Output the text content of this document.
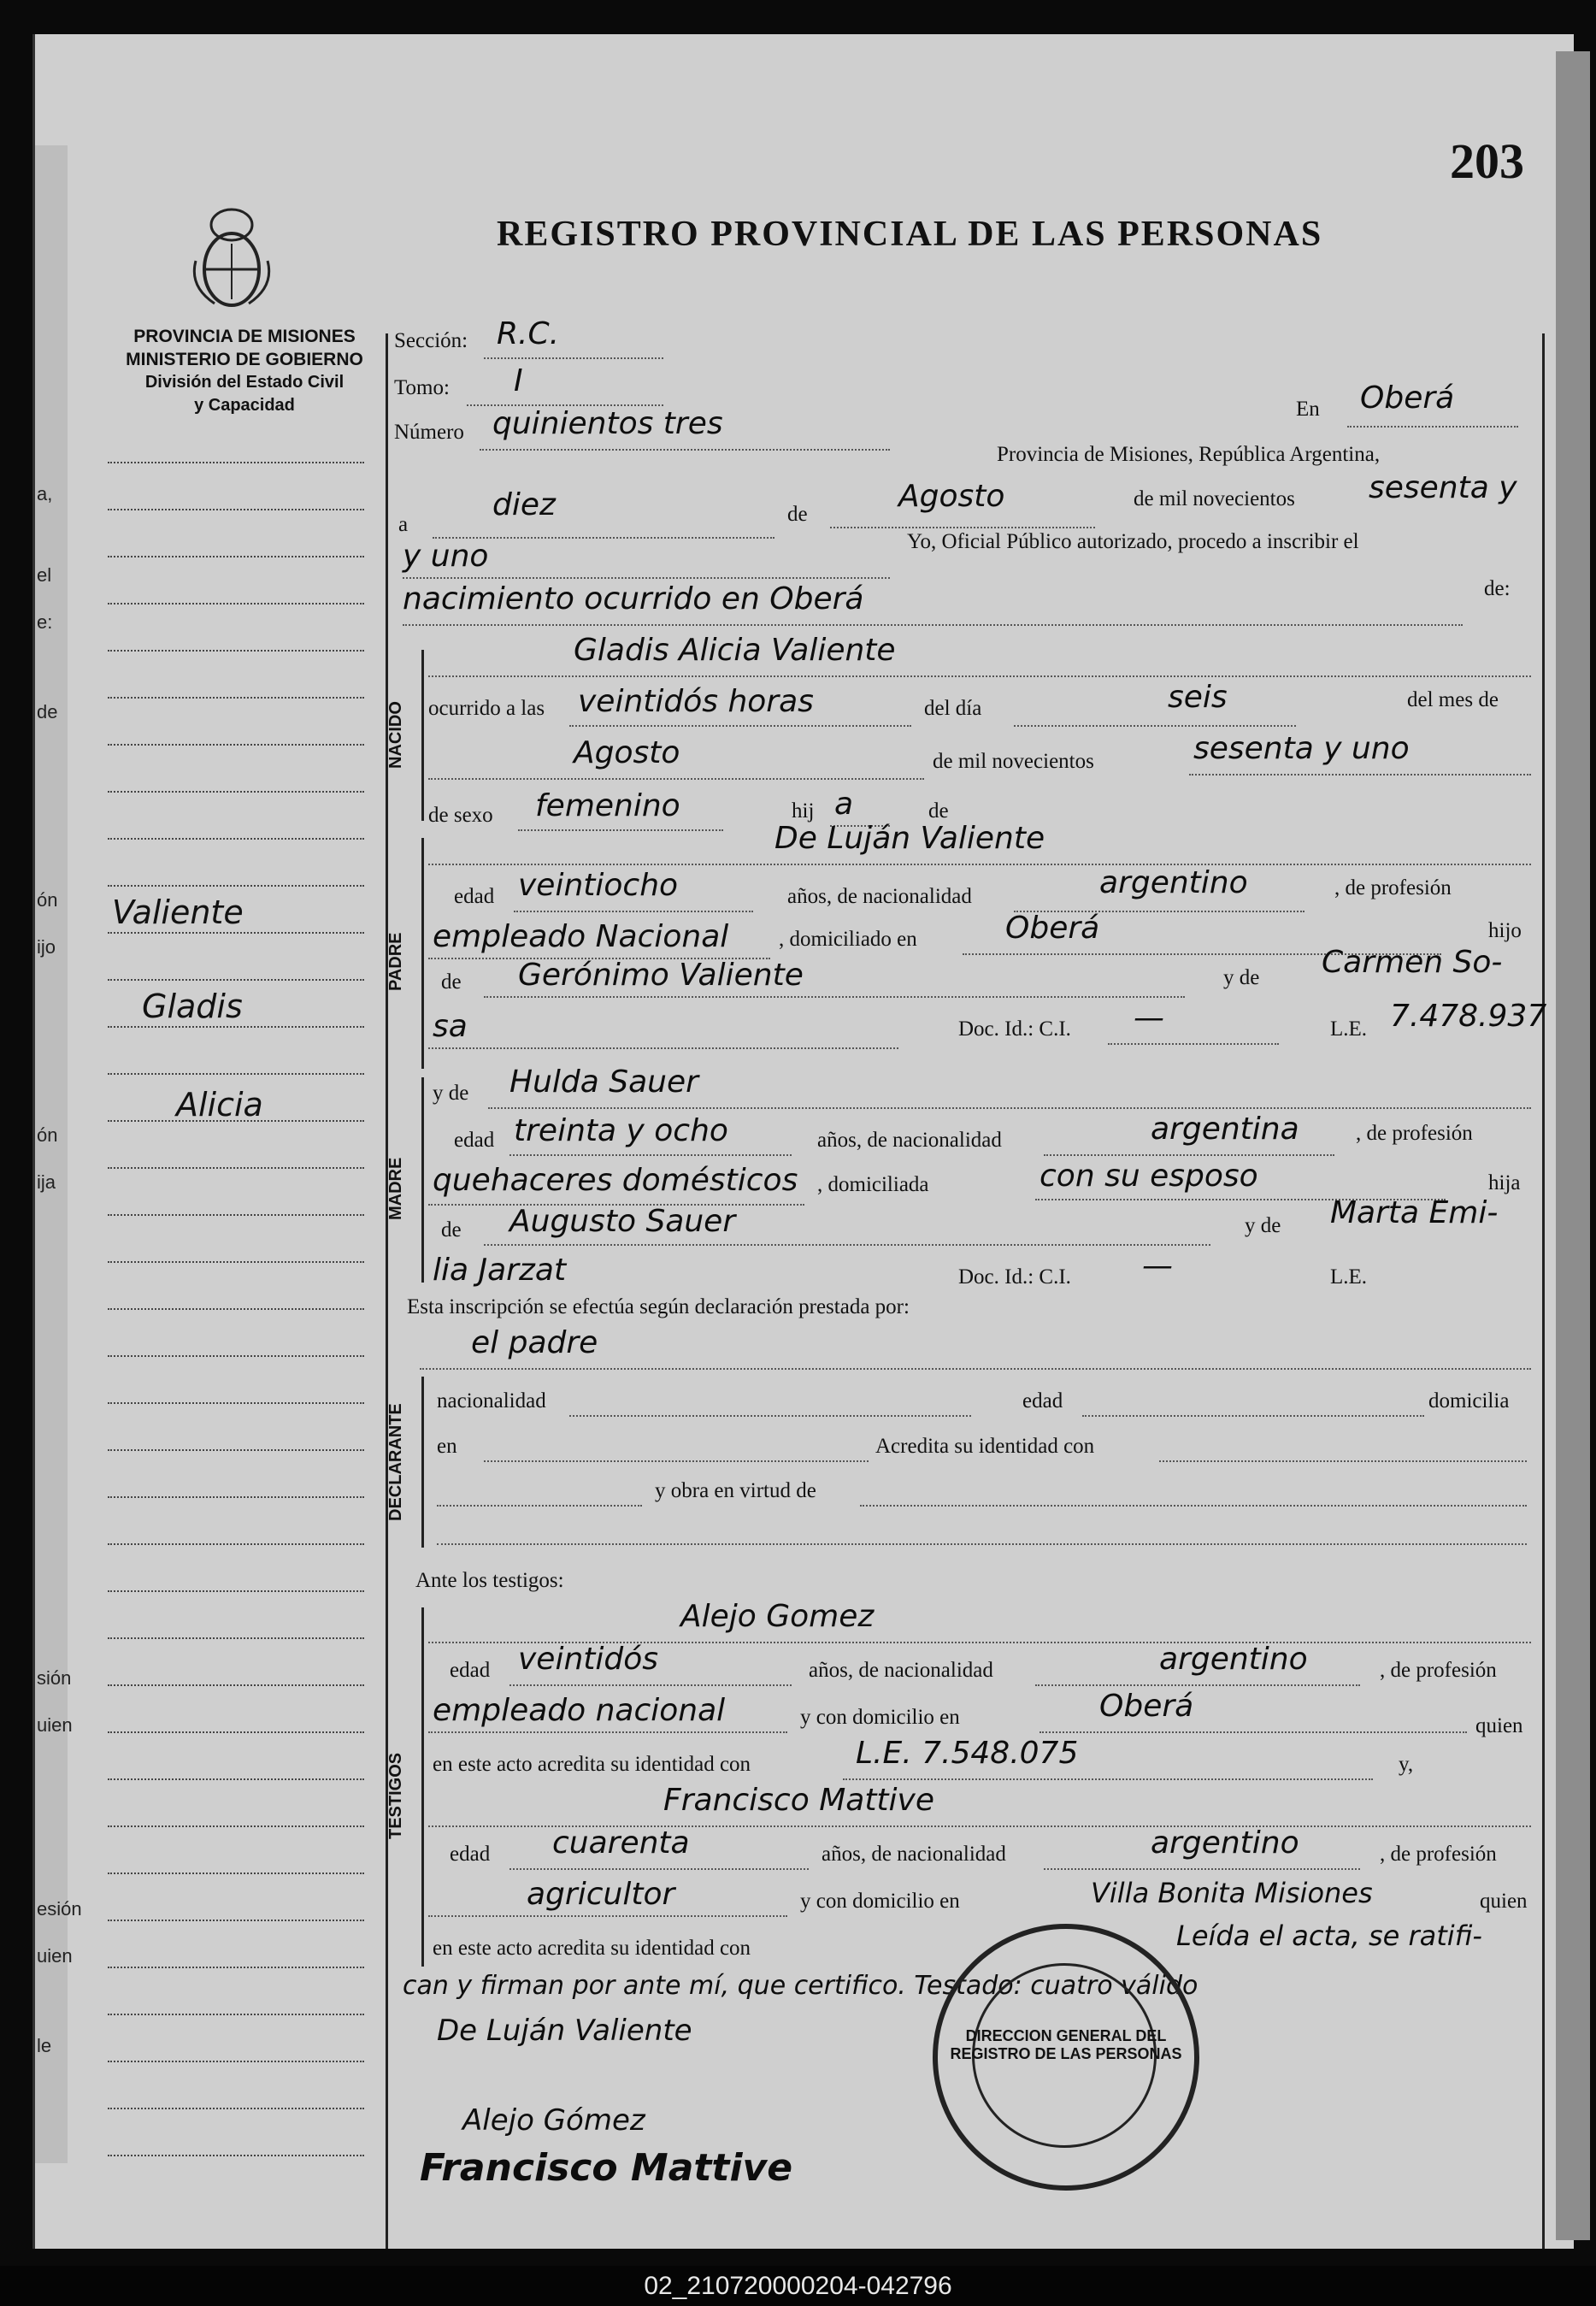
a,
el
e:
de
ón
ijo
ón
ija
sión
uien
esión
uien
le
203
REGISTRO PROVINCIAL DE LAS PERSONAS
PROVINCIA DE MISIONES
MINISTERIO DE GOBIERNO
División del Estado Civil
y Capacidad
Valiente
Gladis
Alicia
Sección: R.C.
Tomo: I
Número quinientos tres	En Oberá
Provincia de Misiones, República Argentina,
a
diez	de
Agosto	de mil novecientos sesenta y
y uno	Yo, Oficial Público autorizado, procedo a inscribir el
nacimiento ocurrido en Oberá	de:
NACIDO
Gladis Alicia Valiente
ocurrido a las veintidós horas	del día	seis	del mes de
Agosto	de mil novecientos	sesenta y uno
de sexo femenino	hij a	de
PADRE
De Luján Valiente
edad veintiocho	años, de nacionalidad	argentino	, de profesión
empleado Nacional , domiciliado en	Oberá	hijo
de Gerónimo Valiente	y de Carmen So-
sa	Doc. Id.: C.I. —	L.E. 7.478.937
MADRE
y de Hulda Sauer
edad treinta y ocho	años, de nacionalidad	argentina	, de profesión
quehaceres domésticos , domiciliada	con su esposo	hija
de Augusto Sauer	y de Marta Emi-
lia Jarzat	Doc. Id.: C.I. —	L.E.
Esta inscripción se efectúa según declaración prestada por:
el padre
DECLARANTE
nacionalidad	edad	domicilia
en	Acredita su identidad con
y obra en virtud de
Ante los testigos:
TESTIGOS
Alejo Gomez
edad veintidós	años, de nacionalidad	argentino	, de profesión
empleado nacional	y con domicilio en	Oberá
quien
en este acto acredita su identidad con	L.E. 7.548.075	y,
Francisco Mattive
edad cuarenta	años, de nacionalidad	argentino	, de profesión
agricultor	y con domicilio en	Villa Bonita Misiones	quien
en este acto acredita su identidad con	Leída el acta, se ratifi-
can y firman por ante mí, que certifico. Testado: cuatro válido
De Luján Valiente
Alejo Gómez
Francisco Mattive
DIRECCION GENERAL DEL REGISTRO DE LAS PERSONAS
02_210720000204-042796
